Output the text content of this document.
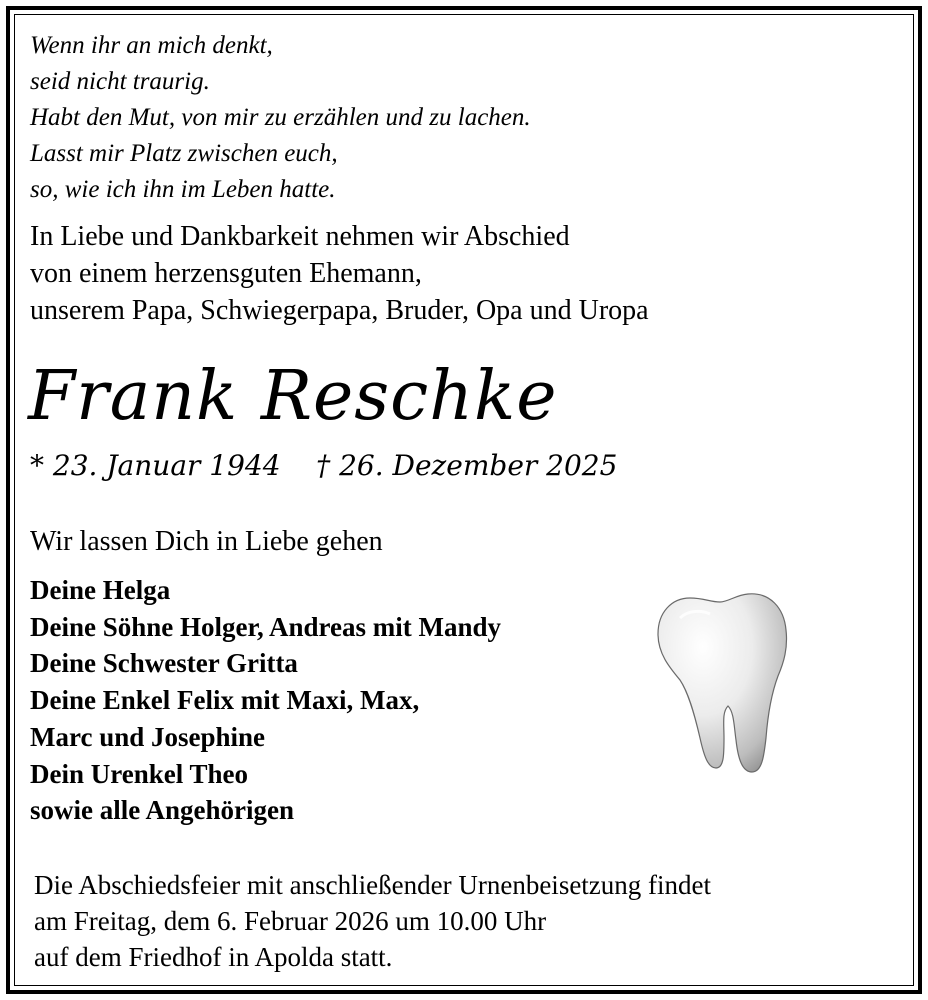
Wenn ihr an mich denkt,
seid nicht traurig.
Habt den Mut, von mir zu erzählen und zu lachen.
Lasst mir Platz zwischen euch,
so, wie ich ihn im Leben hatte.
In Liebe und Dankbarkeit nehmen wir Abschied
von einem herzensguten Ehemann,
unserem Papa, Schwiegerpapa, Bruder, Opa und Uropa
Frank Reschke
* 23. Januar 1944 † 26. Dezember 2025
Wir lassen Dich in Liebe gehen
Deine Helga
Deine Söhne Holger, Andreas mit Mandy
Deine Schwester Gritta
Deine Enkel Felix mit Maxi, Max,
Marc und Josephine
Dein Urenkel Theo
sowie alle Angehörigen
Die Abschiedsfeier mit anschließender Urnenbeisetzung findet
am Freitag, dem 6. Februar 2026 um 10.00 Uhr
auf dem Friedhof in Apolda statt.
